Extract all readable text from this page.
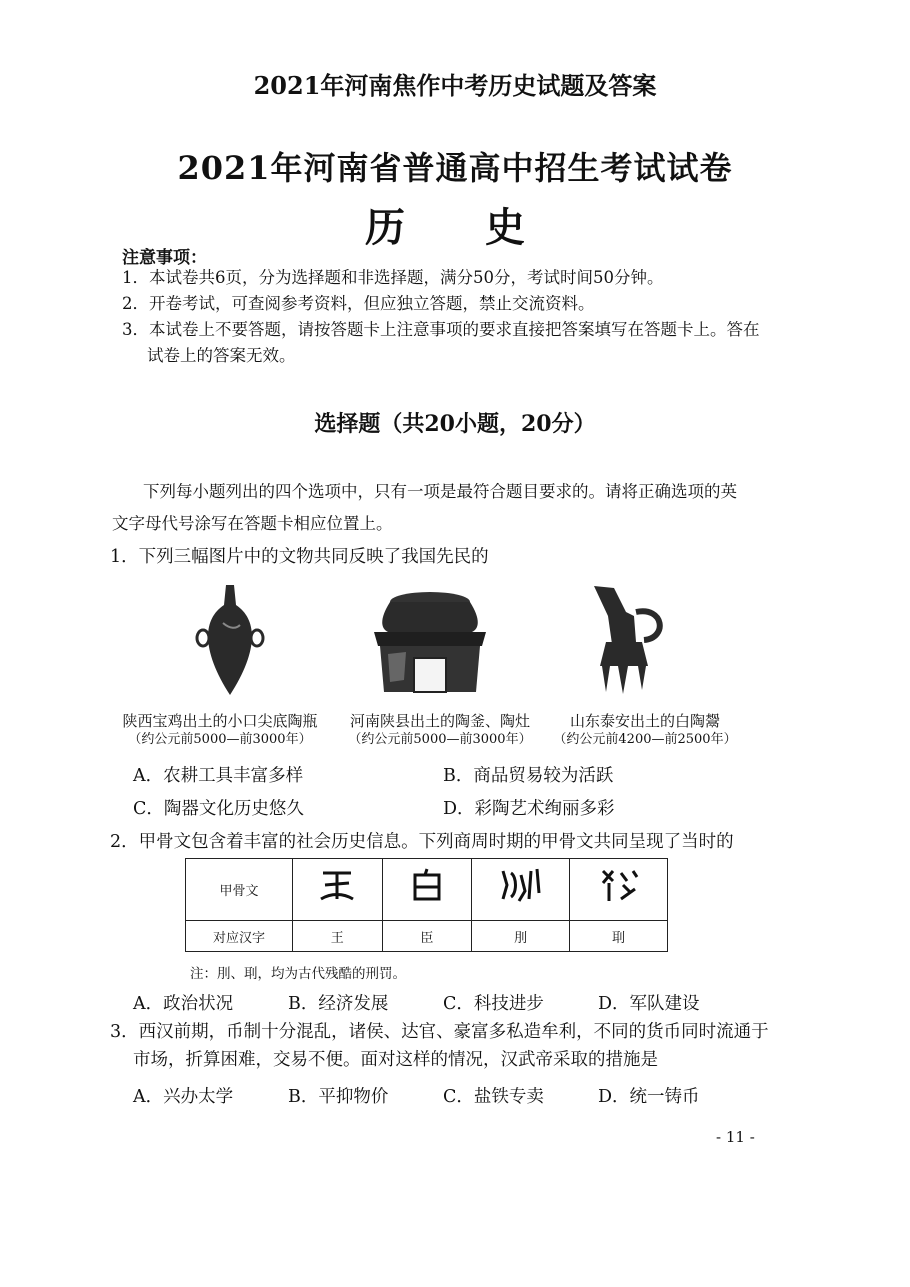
2021年河南焦作中考历史试题及答案
2021年河南省普通高中招生考试试卷
历史
注意事项：
1．本试卷共6页，分为选择题和非选择题，满分50分，考试时间50分钟。
2．开卷考试，可查阅参考资料，但应独立答题，禁止交流资料。
3．本试卷上不要答题，请按答题卡上注意事项的要求直接把答案填写在答题卡上。答在
试卷上的答案无效。
选择题（共20小题，20分）
下列每小题列出的四个选项中，只有一项是最符合题目要求的。请将正确选项的英
文字母代号涂写在答题卡相应位置上。
1．下列三幅图片中的文物共同反映了我国先民的
陕西宝鸡出土的小口尖底陶瓶
（约公元前5000—前3000年）
河南陕县出土的陶釜、陶灶
（约公元前5000—前3000年）
山东泰安出土的白陶鬶
（约公元前4200—前2500年）
A．农耕工具丰富多样	B．商品贸易较为活跃
C．陶器文化历史悠久	D．彩陶艺术绚丽多彩
2．甲骨文包含着丰富的社会历史信息。下列商周时期的甲骨文共同呈现了当时的
甲骨文				
对应汉字	王	臣	刖	刵
注：刖、刵，均为古代残酷的刑罚。
A．政治状况	B．经济发展	C．科技进步	D．军队建设
3．西汉前期，币制十分混乱，诸侯、达官、豪富多私造牟利，不同的货币同时流通于
市场，折算困难，交易不便。面对这样的情况，汉武帝采取的措施是
A．兴办太学	B．平抑物价	C．盐铁专卖	D．统一铸币
- 11 -
